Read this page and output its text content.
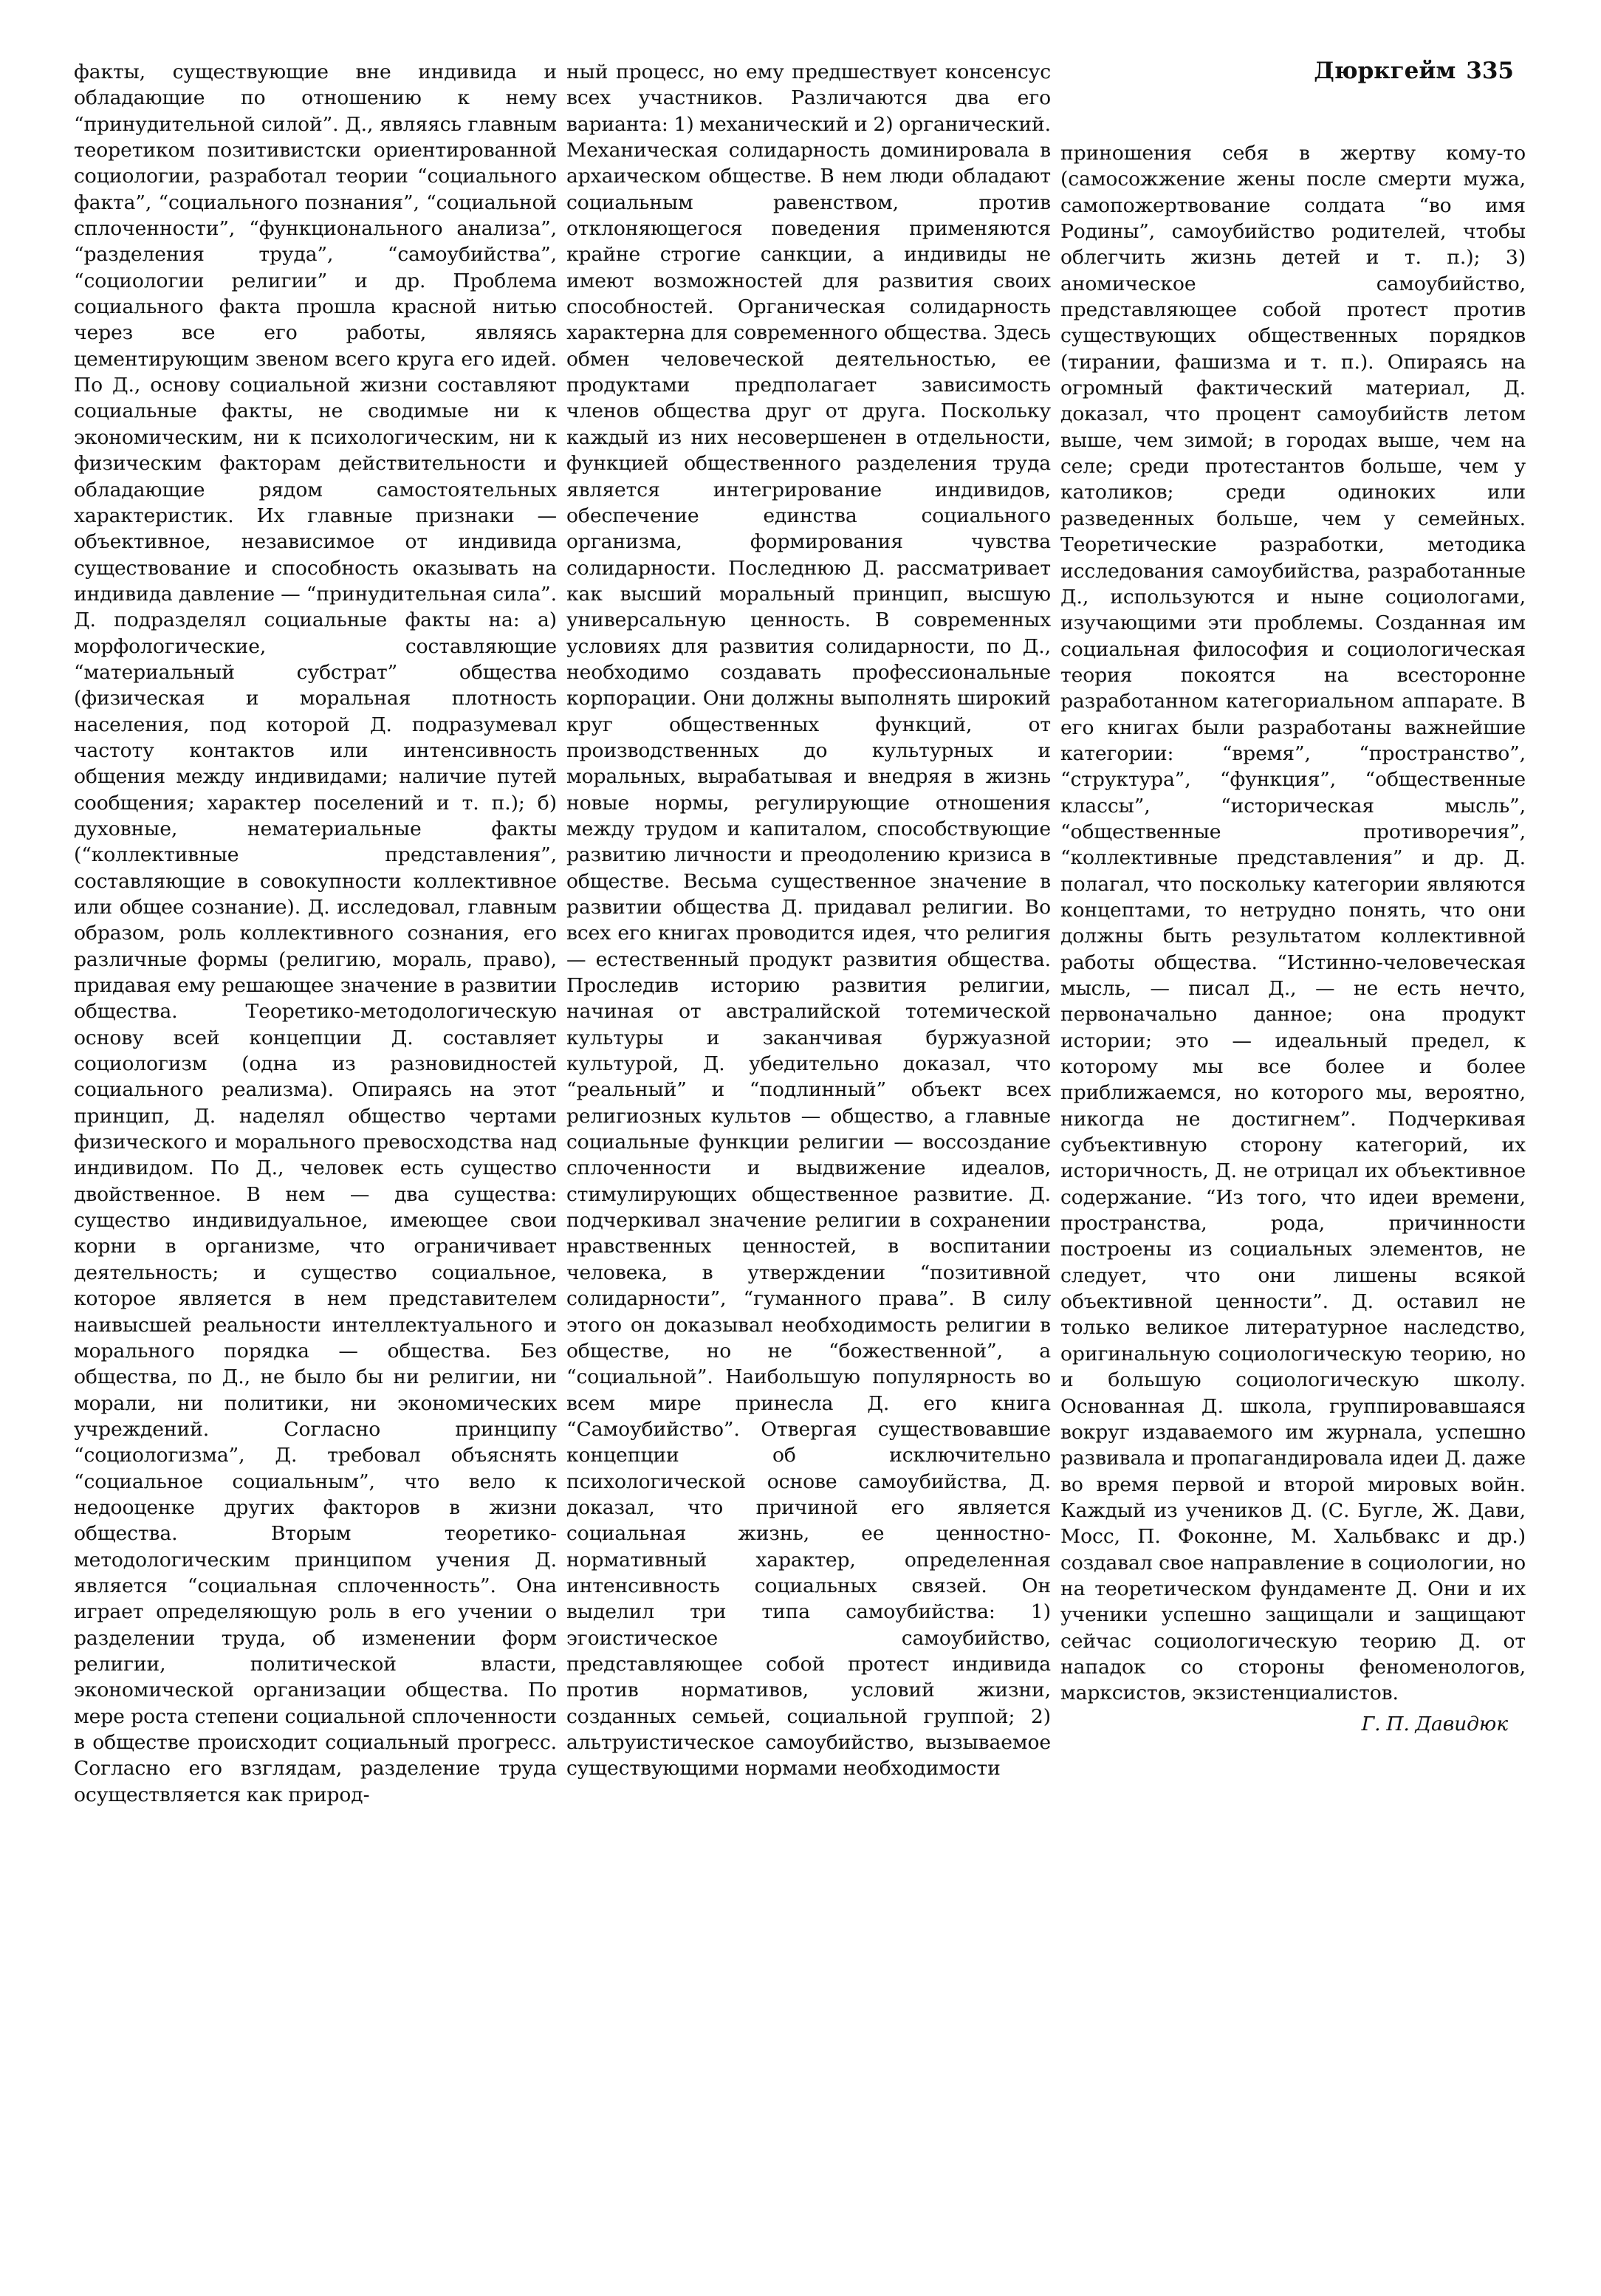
Дюркгейм 335

факты, существующие вне индивида и обладающие по отношению к нему “принудительной силой”. Д., являясь главным теоретиком позитивистски ориентированной социологии, разработал теории “социального факта”, “социального познания”, “социальной сплоченности”, “функционального анализа”, “разделения труда”, “самоубийства”, “социологии религии” и др. Проблема социального факта прошла красной нитью через все его работы, являясь цементирующим звеном всего круга его идей. По Д., основу социальной жизни составляют социальные факты, не сводимые ни к экономическим, ни к психологическим, ни к физическим факторам действительности и обладающие рядом самостоятельных характеристик. Их главные признаки — объективное, независимое от индивида существование и способность оказывать на индивида давление — “принудительная сила”. Д. подразделял социальные факты на: а) морфологические, составляющие “материальный субстрат” общества (физическая и моральная плотность населения, под которой Д. подразумевал частоту контактов или интенсивность общения между индивидами; наличие путей сообщения; характер поселений и т. п.); б) духовные, нематериальные факты (“коллективные представления”, составляющие в совокупности коллективное или общее сознание). Д. исследовал, главным образом, роль коллективного сознания, его различные формы (религию, мораль, право), придавая ему решающее значение в развитии общества. Теоретико-методологическую основу всей концепции Д. составляет социологизм (одна из разновидностей социального реализма). Опираясь на этот принцип, Д. наделял общество чертами физического и морального превосходства над индивидом. По Д., человек есть существо двойственное. В нем — два существа: существо индивидуальное, имеющее свои корни в организме, что ограничивает деятельность; и существо социальное, которое является в нем представителем наивысшей реальности интеллектуального и морального порядка — общества. Без общества, по Д., не было бы ни религии, ни морали, ни политики, ни экономических учреждений. Согласно принципу “социологизма”, Д. требовал объяснять “социальное социальным”, что вело к недооценке других факторов в жизни общества. Вторым теоретико-методологическим принципом учения Д. является “социальная сплоченность”. Она играет определяющую роль в его учении о разделении труда, об изменении форм религии, политической власти, экономической организации общества. По мере роста степени социальной сплоченности в обществе происходит социальный прогресс. Согласно его взглядам, разделение труда осуществляется как природ-

ный процесс, но ему предшествует консенсус всех участников. Различаются два его варианта: 1) механический и 2) органический. Механическая солидарность доминировала в архаическом обществе. В нем люди обладают социальным равенством, против отклоняющегося поведения применяются крайне строгие санкции, а индивиды не имеют возможностей для развития своих способностей. Органическая солидарность характерна для современного общества. Здесь обмен человеческой деятельностью, ее продуктами предполагает зависимость членов общества друг от друга. Поскольку каждый из них несовершенен в отдельности, функцией общественного разделения труда является интегрирование индивидов, обеспечение единства социального организма, формирования чувства солидарности. Последнюю Д. рассматривает как высший моральный принцип, высшую универсальную ценность. В современных условиях для развития солидарности, по Д., необходимо создавать профессиональные корпорации. Они должны выполнять широкий круг общественных функций, от производственных до культурных и моральных, вырабатывая и внедряя в жизнь новые нормы, регулирующие отношения между трудом и капиталом, способствующие развитию личности и преодолению кризиса в обществе. Весьма существенное значение в развитии общества Д. придавал религии. Во всех его книгах проводится идея, что религия — естественный продукт развития общества. Проследив историю развития религии, начиная от австралийской тотемической культуры и заканчивая буржуазной культурой, Д. убедительно доказал, что “реальный” и “подлинный” объект всех религиозных культов — общество, а главные социальные функции религии — воссоздание сплоченности и выдвижение идеалов, стимулирующих общественное развитие. Д. подчеркивал значение религии в сохранении нравственных ценностей, в воспитании человека, в утверждении “позитивной солидарности”, “гуманного права”. В силу этого он доказывал необходимость религии в обществе, но не “божественной”, а “социальной”. Наибольшую популярность во всем мире принесла Д. его книга “Самоубийство”. Отвергая существовавшие концепции об исключительно психологической основе самоубийства, Д. доказал, что причиной его является социальная жизнь, ее ценностно-нормативный характер, определенная интенсивность социальных связей. Он выделил три типа самоубийства: 1) эгоистическое самоубийство, представляющее собой протест индивида против нормативов, условий жизни, созданных семьей, социальной группой; 2) альтруистическое самоубийство, вызываемое существующими нормами необходимости

приношения себя в жертву кому-то (самосожжение жены после смерти мужа, самопожертвование солдата “во имя Родины”, самоубийство родителей, чтобы облегчить жизнь детей и т. п.); 3) аномическое самоубийство, представляющее собой протест против существующих общественных порядков (тирании, фашизма и т. п.). Опираясь на огромный фактический материал, Д. доказал, что процент самоубийств летом выше, чем зимой; в городах выше, чем на селе; среди протестантов больше, чем у католиков; среди одиноких или разведенных больше, чем у семейных. Теоретические разработки, методика исследования самоубийства, разработанные Д., используются и ныне социологами, изучающими эти проблемы. Созданная им социальная философия и социологическая теория покоятся на всесторонне разработанном категориальном аппарате. В его книгах были разработаны важнейшие категории: “время”, “пространство”, “структура”, “функция”, “общественные классы”, “историческая мысль”, “общественные противоречия”, “коллективные представления” и др. Д. полагал, что поскольку категории являются концептами, то нетрудно понять, что они должны быть результатом коллективной работы общества. “Истинно-человеческая мысль, — писал Д., — не есть нечто, первоначально данное; она продукт истории; это — идеальный предел, к которому мы все более и более приближаемся, но которого мы, вероятно, никогда не достигнем”. Подчеркивая субъективную сторону категорий, их историчность, Д. не отрицал их объективное содержание. “Из того, что идеи времени, пространства, рода, причинности построены из социальных элементов, не следует, что они лишены всякой объективной ценности”. Д. оставил не только великое литературное наследство, оригинальную социологическую теорию, но и большую социологическую школу. Основанная Д. школа, группировавшаяся вокруг издаваемого им журнала, успешно развивала и пропагандировала идеи Д. даже во время первой и второй мировых войн. Каждый из учеников Д. (С. Бугле, Ж. Дави, Мосс, П. Фоконне, М. Хальбвакс и др.) создавал свое направление в социологии, но на теоретическом фундаменте Д. Они и их ученики успешно защищали и защищают сейчас социологическую теорию Д. от нападок со стороны феноменологов, марксистов, экзистенциалистов.

Г. П. Давидюк
